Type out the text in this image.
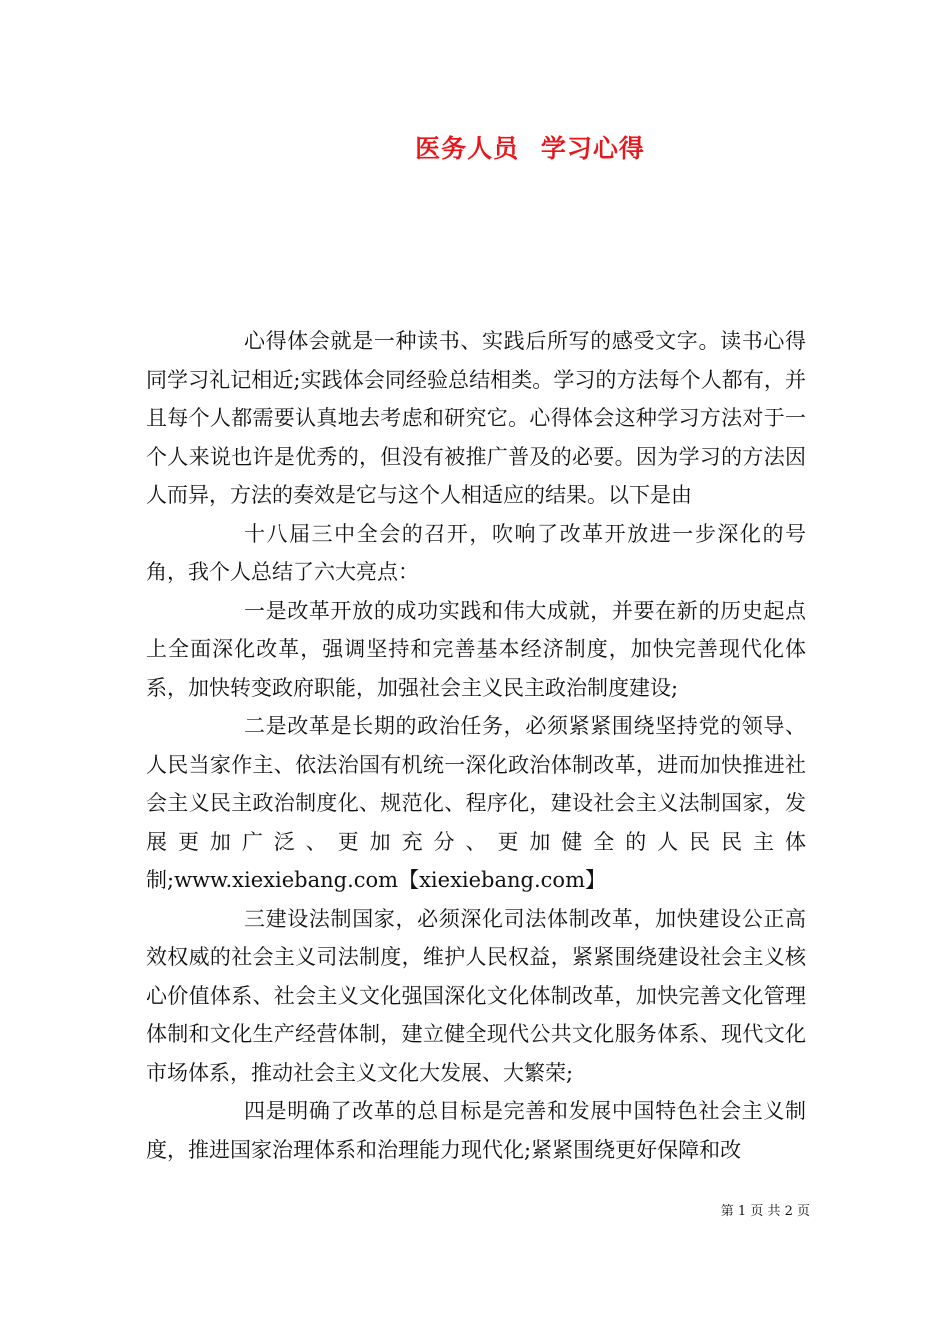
医务人员 学习心得

心得体会就是一种读书、实践后所写的感受文字。读书心得同学习礼记相近;实践体会同经验总结相类。学习的方法每个人都有，并且每个人都需要认真地去考虑和研究它。心得体会这种学习方法对于一个人来说也许是优秀的，但没有被推广普及的必要。因为学习的方法因人而异，方法的奏效是它与这个人相适应的结果。以下是由

十八届三中全会的召开，吹响了改革开放进一步深化的号角，我个人总结了六大亮点：

一是改革开放的成功实践和伟大成就，并要在新的历史起点上全面深化改革，强调坚持和完善基本经济制度，加快完善现代化体系，加快转变政府职能，加强社会主义民主政治制度建设;

二是改革是长期的政治任务，必须紧紧围绕坚持党的领导、人民当家作主、依法治国有机统一深化政治体制改革，进而加快推进社会主义民主政治制度化、规范化、程序化，建设社会主义法制国家，发展更加广泛、更加充分、更加健全的人民民主体制;www.xiexiebang.com【xiexiebang.com】

三建设法制国家，必须深化司法体制改革，加快建设公正高效权威的社会主义司法制度，维护人民权益，紧紧围绕建设社会主义核心价值体系、社会主义文化强国深化文化体制改革，加快完善文化管理体制和文化生产经营体制，建立健全现代公共文化服务体系、现代文化市场体系，推动社会主义文化大发展、大繁荣;

四是明确了改革的总目标是完善和发展中国特色社会主义制度，推进国家治理体系和治理能力现代化;紧紧围绕更好保障和改

第 1 页 共 2 页
